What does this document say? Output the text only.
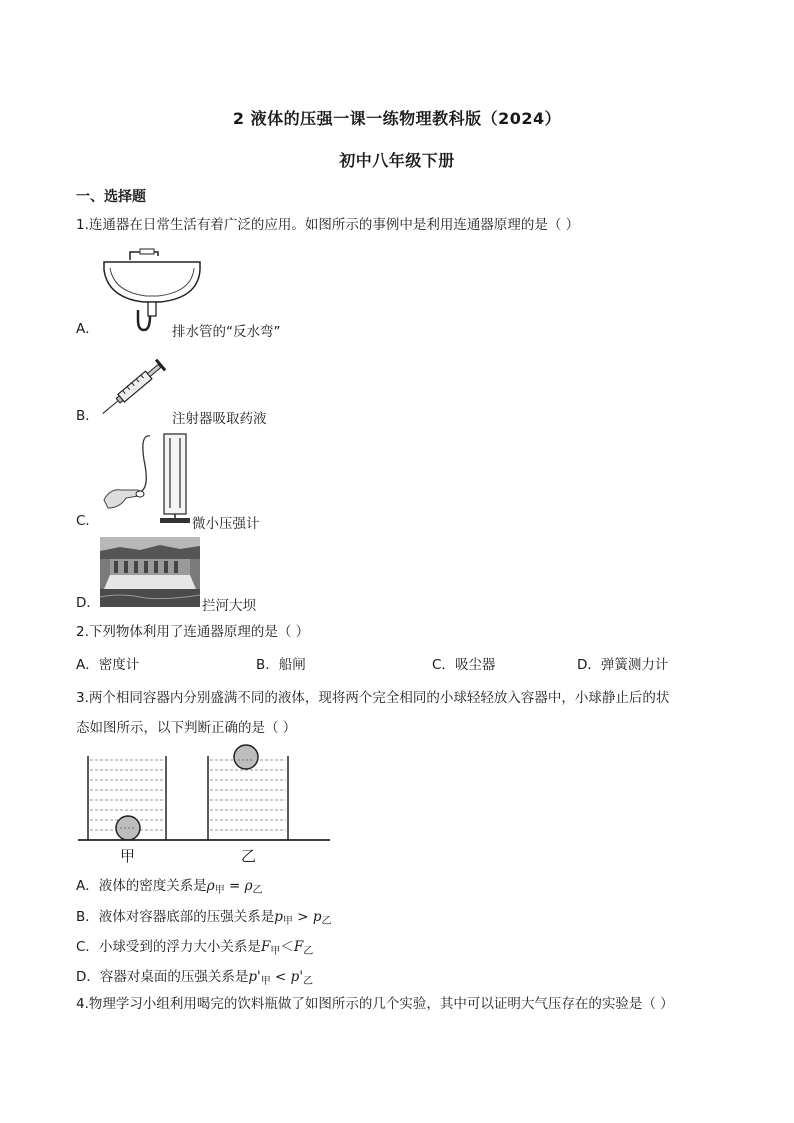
2 液体的压强一课一练物理教科版（2024）
初中八年级下册
一、选择题
1.连通器在日常生活有着广泛的应用。如图所示的事例中是利用连通器原理的是（ ）
A．	排水管的“反水弯”
B．	注射器吸取药液
C．	微小压强计
D．	拦河大坝
2.下列物体利用了连通器原理的是（ ）
A．密度计	B．船闸	C．吸尘器	D．弹簧测力计
3.两个相同容器内分别盛满不同的液体，现将两个完全相同的小球轻轻放入容器中，小球静止后的状
态如图所示，以下判断正确的是（ ）
甲	乙
A．液体的密度关系是$\rho_甲 = \rho_乙$
B．液体对容器底部的压强关系是$p_甲 > p_乙$
C．小球受到的浮力大小关系是$F_甲<F_乙$
D．容器对桌面的压强关系是$p'_甲 < p'_乙$
4.物理学习小组利用喝完的饮料瓶做了如图所示的几个实验，其中可以证明大气压存在的实验是（ ）
